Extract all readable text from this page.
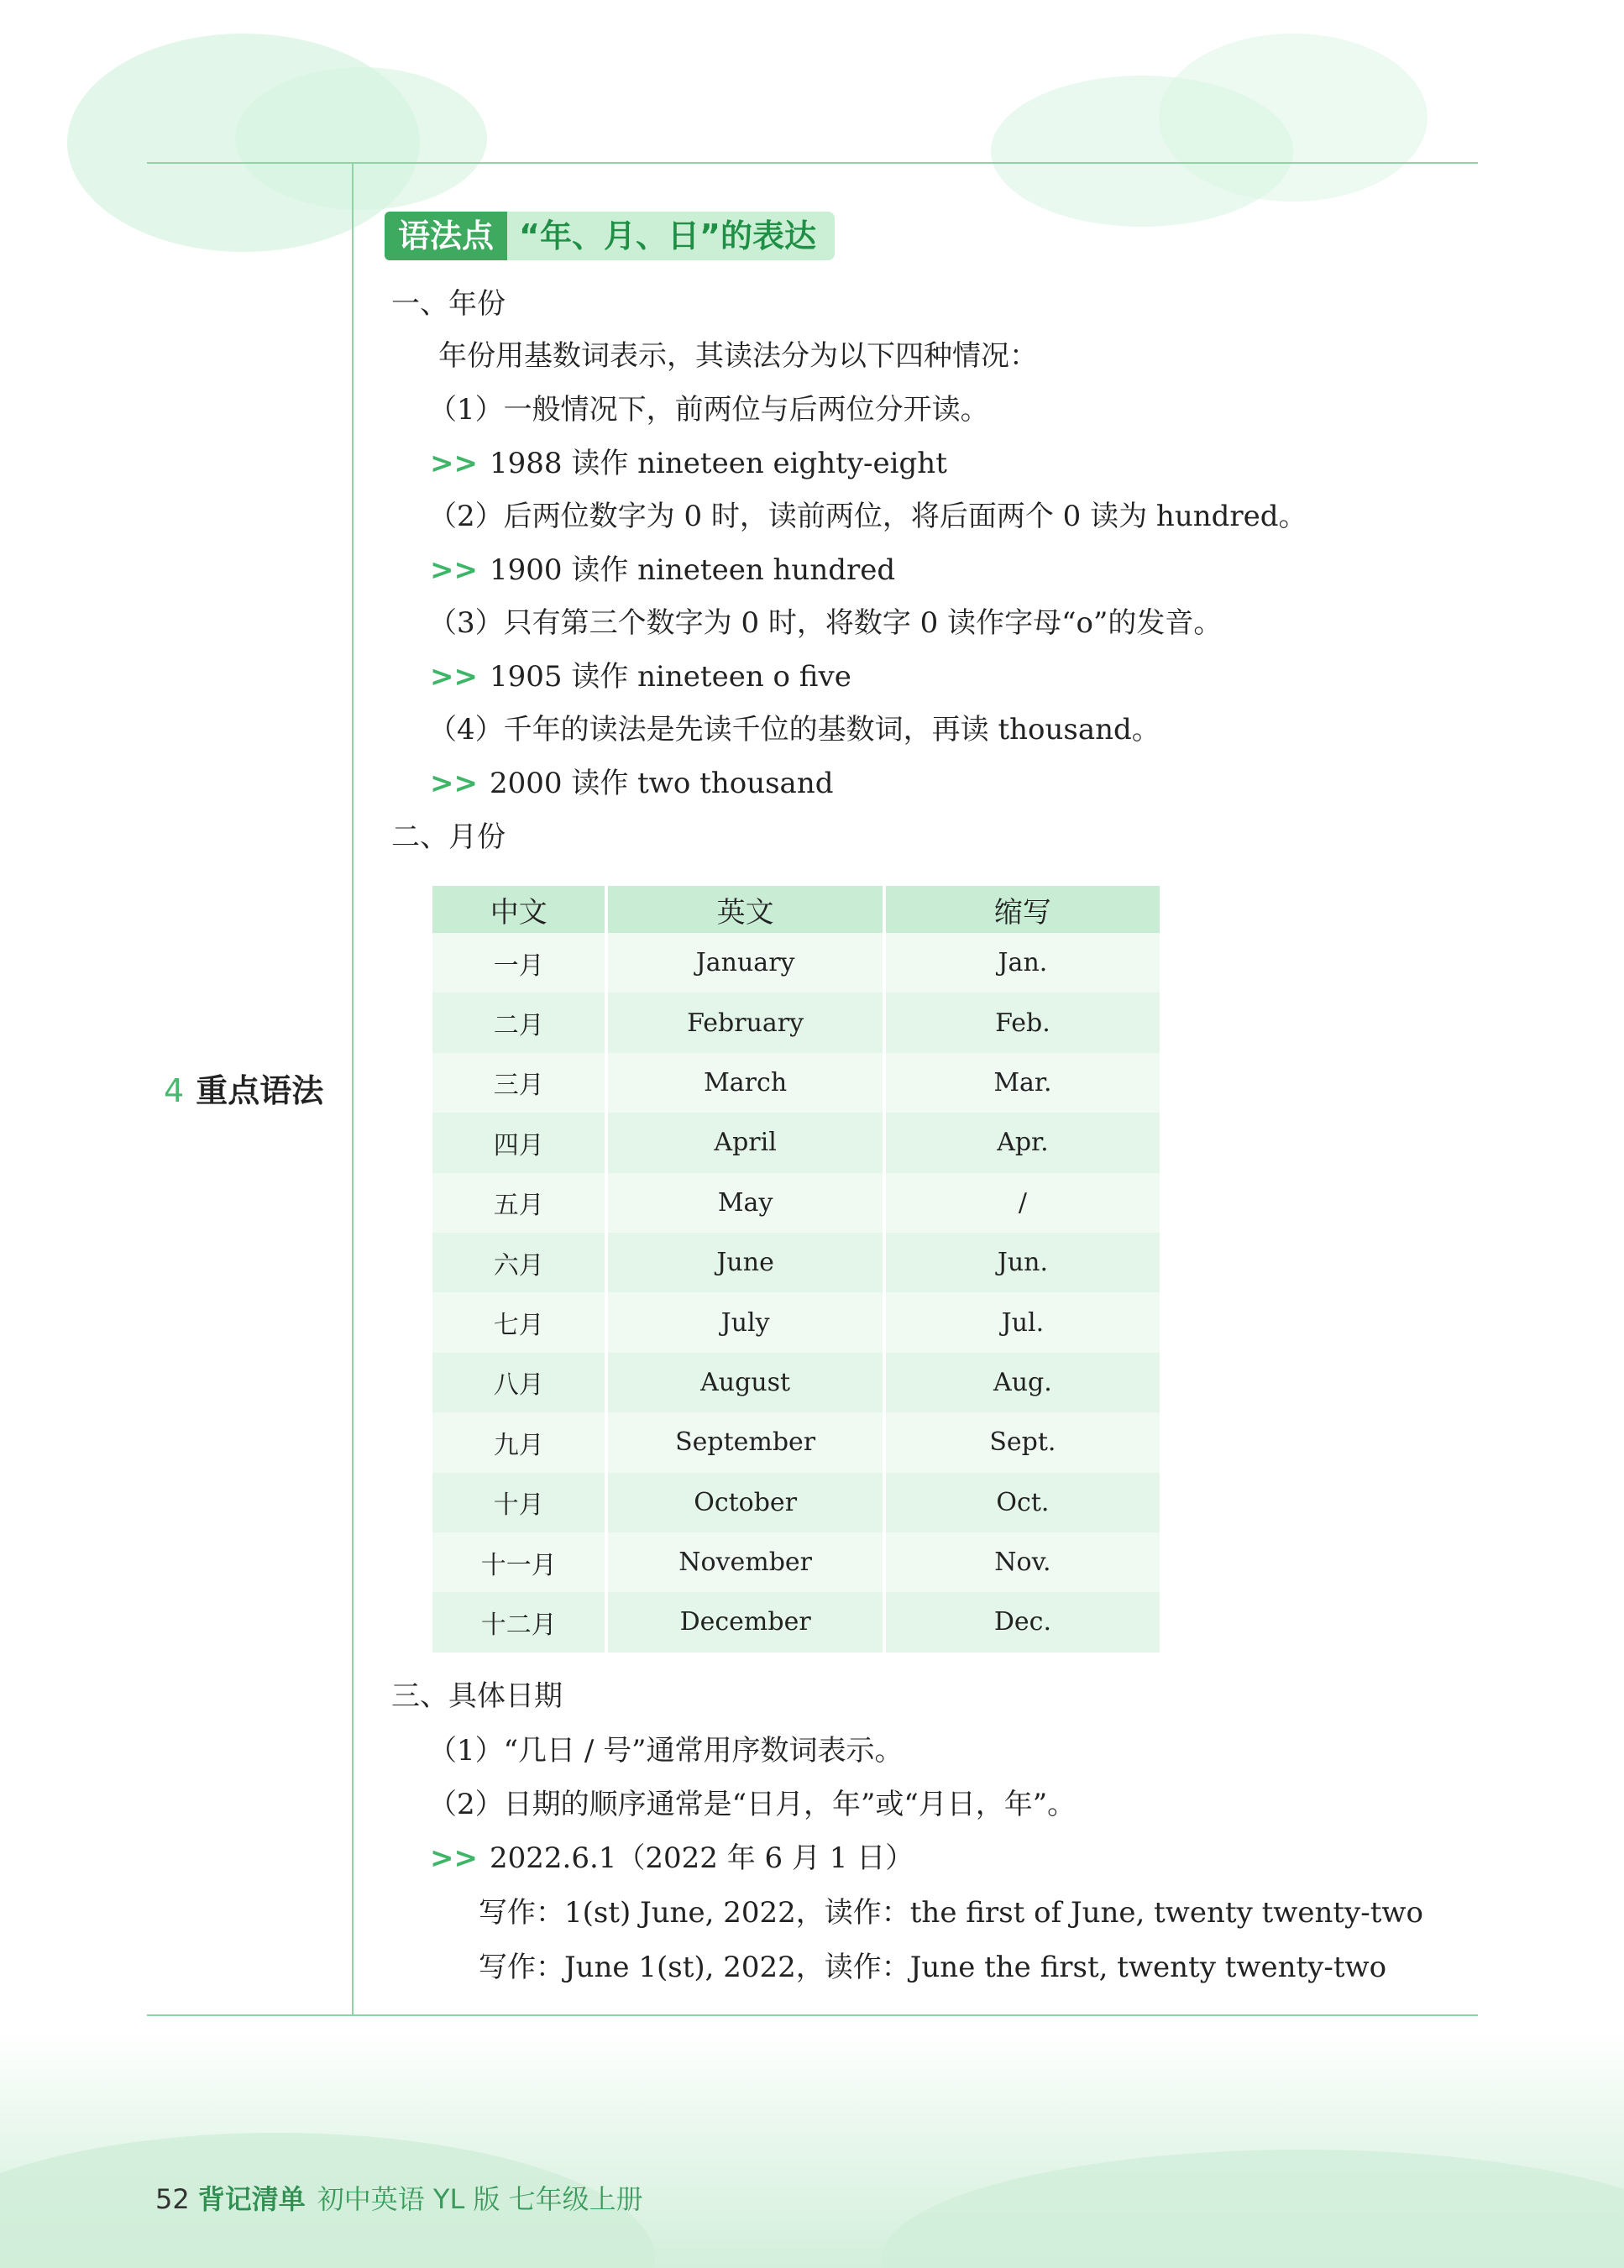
4 重点语法
语法点 “年、月、日”的表达
一、年份
年份用基数词表示，其读法分为以下四种情况：
（1）一般情况下，前两位与后两位分开读。
>> 1988 读作 nineteen eighty-eight
（2）后两位数字为 0 时，读前两位，将后面两个 0 读为 hundred。
>> 1900 读作 nineteen hundred
（3）只有第三个数字为 0 时，将数字 0 读作字母“o”的发音。
>> 1905 读作 nineteen o five
（4）千年的读法是先读千位的基数词，再读 thousand。
>> 2000 读作 two thousand
二、月份
中文	英文	缩写
一月	January	Jan.
二月	February	Feb.
三月	March	Mar.
四月	April	Apr.
五月	May	/
六月	June	Jun.
七月	July	Jul.
八月	August	Aug.
九月	September	Sept.
十月	October	Oct.
十一月	November	Nov.
十二月	December	Dec.
三、具体日期
（1）“几日 / 号”通常用序数词表示。
（2）日期的顺序通常是“日月，年”或“月日，年”。
>> 2022.6.1（2022 年 6 月 1 日）
写作：1(st) June, 2022，读作：the first of June, twenty twenty-two
写作：June 1(st), 2022，读作：June the first, twenty twenty-two
52 背记清单 初中英语 YL 版 七年级上册
